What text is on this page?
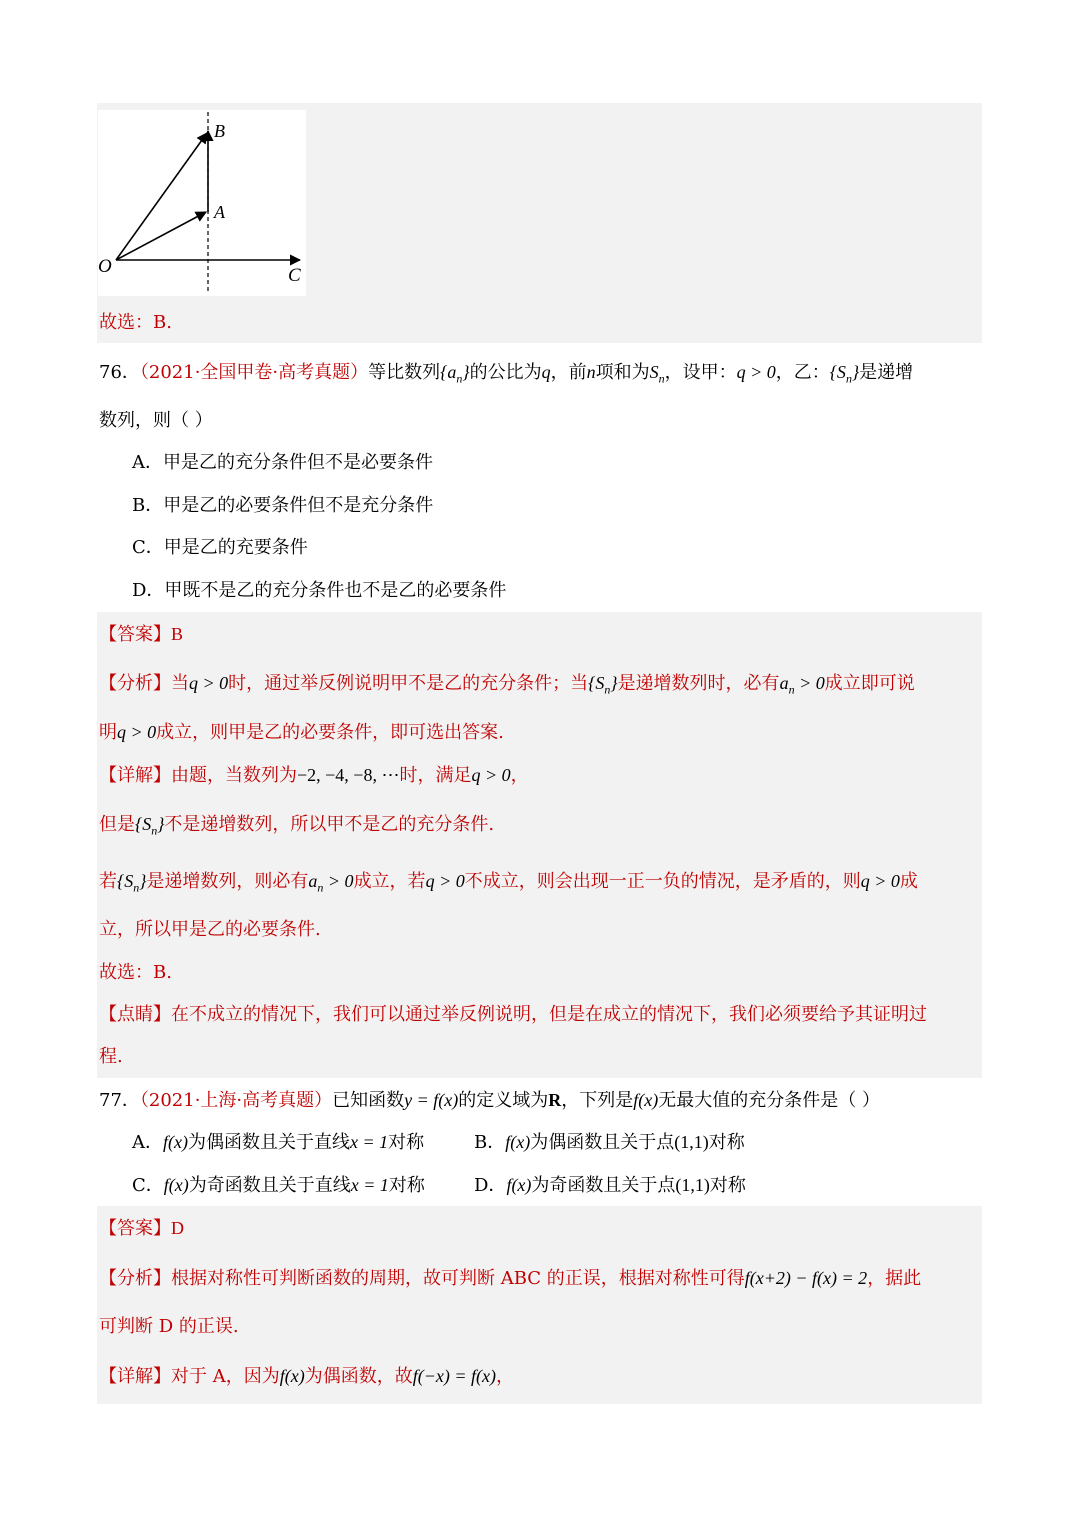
O
A
B
C
故选：B.
76．（2021·全国甲卷·高考真题）等比数列$\{a_n\}$的公比为q，前n项和为$S_n$，设甲：q > 0，乙：$\{S_n\}$是递增
数列，则（ ）
A．甲是乙的充分条件但不是必要条件
B．甲是乙的必要条件但不是充分条件
C．甲是乙的充要条件
D．甲既不是乙的充分条件也不是乙的必要条件
【答案】B
【分析】当q > 0时，通过举反例说明甲不是乙的充分条件；当$\{S_n\}$是递增数列时，必有$a_n > 0$成立即可说
明q > 0成立，则甲是乙的必要条件，即可选出答案.
【详解】由题，当数列为−2, −4, −8, ⋯时，满足q > 0，
但是$\{S_n\}$不是递增数列，所以甲不是乙的充分条件.
若$\{S_n\}$是递增数列，则必有$a_n > 0$成立，若q > 0不成立，则会出现一正一负的情况，是矛盾的，则q > 0成
立，所以甲是乙的必要条件.
故选：B.
【点睛】在不成立的情况下，我们可以通过举反例说明，但是在成立的情况下，我们必须要给予其证明过
程.
77．（2021·上海·高考真题）已知函数y = f(x)的定义域为R，下列是f(x)无最大值的充分条件是（ ）
A．f(x)为偶函数且关于直线x = 1对称	B．f(x)为偶函数且关于点(1,1)对称
C．f(x)为奇函数且关于直线x = 1对称	D．f(x)为奇函数且关于点(1,1)对称
【答案】D
【分析】根据对称性可判断函数的周期，故可判断 ABC 的正误，根据对称性可得f(x+2) − f(x) = 2，据此
可判断 D 的正误.
【详解】对于 A，因为f(x)为偶函数，故f(−x) = f(x)，
